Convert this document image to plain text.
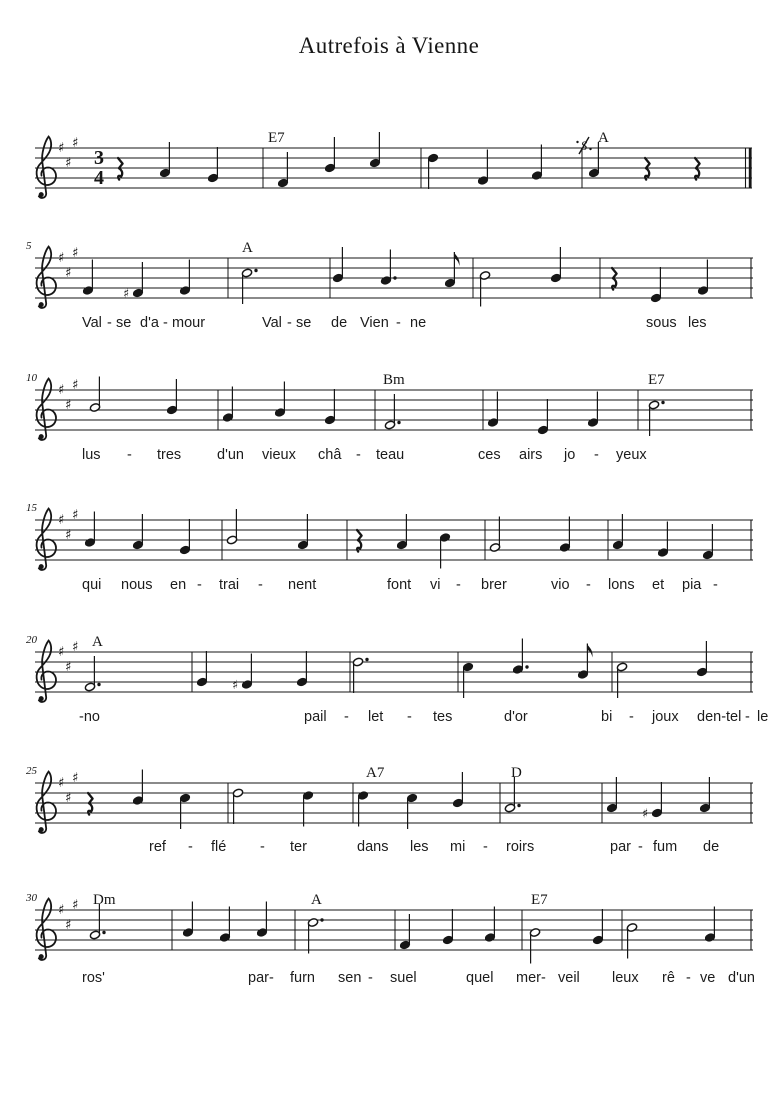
Autrefois à Vienne
♯
♯
♯
3
4
E7	A
S
♯
♯
♯
5	A
♯
♯
♯
♯
10	Bm	E7
♯
♯
♯
15
♯
♯
♯
20	A
♯
♯
♯
♯
25	A7	D
♯
♯
♯
♯
30	Dm	A	E7
Val - se d'a - mour	Val - se de Vien - ne	sous les
lus - tres d'un vieux châ - teau	ces airs jo - yeux
qui nous en - trai - nent	font vi - brer	vio - lons et pia -
-no	pail - let - tes	d'or	bi - joux den- tel - le
ref - flé - ter	dans les mi - roirs	par - fum de
ros'	par- furn sen - suel	quel mer- veil leux rê - ve d'un
